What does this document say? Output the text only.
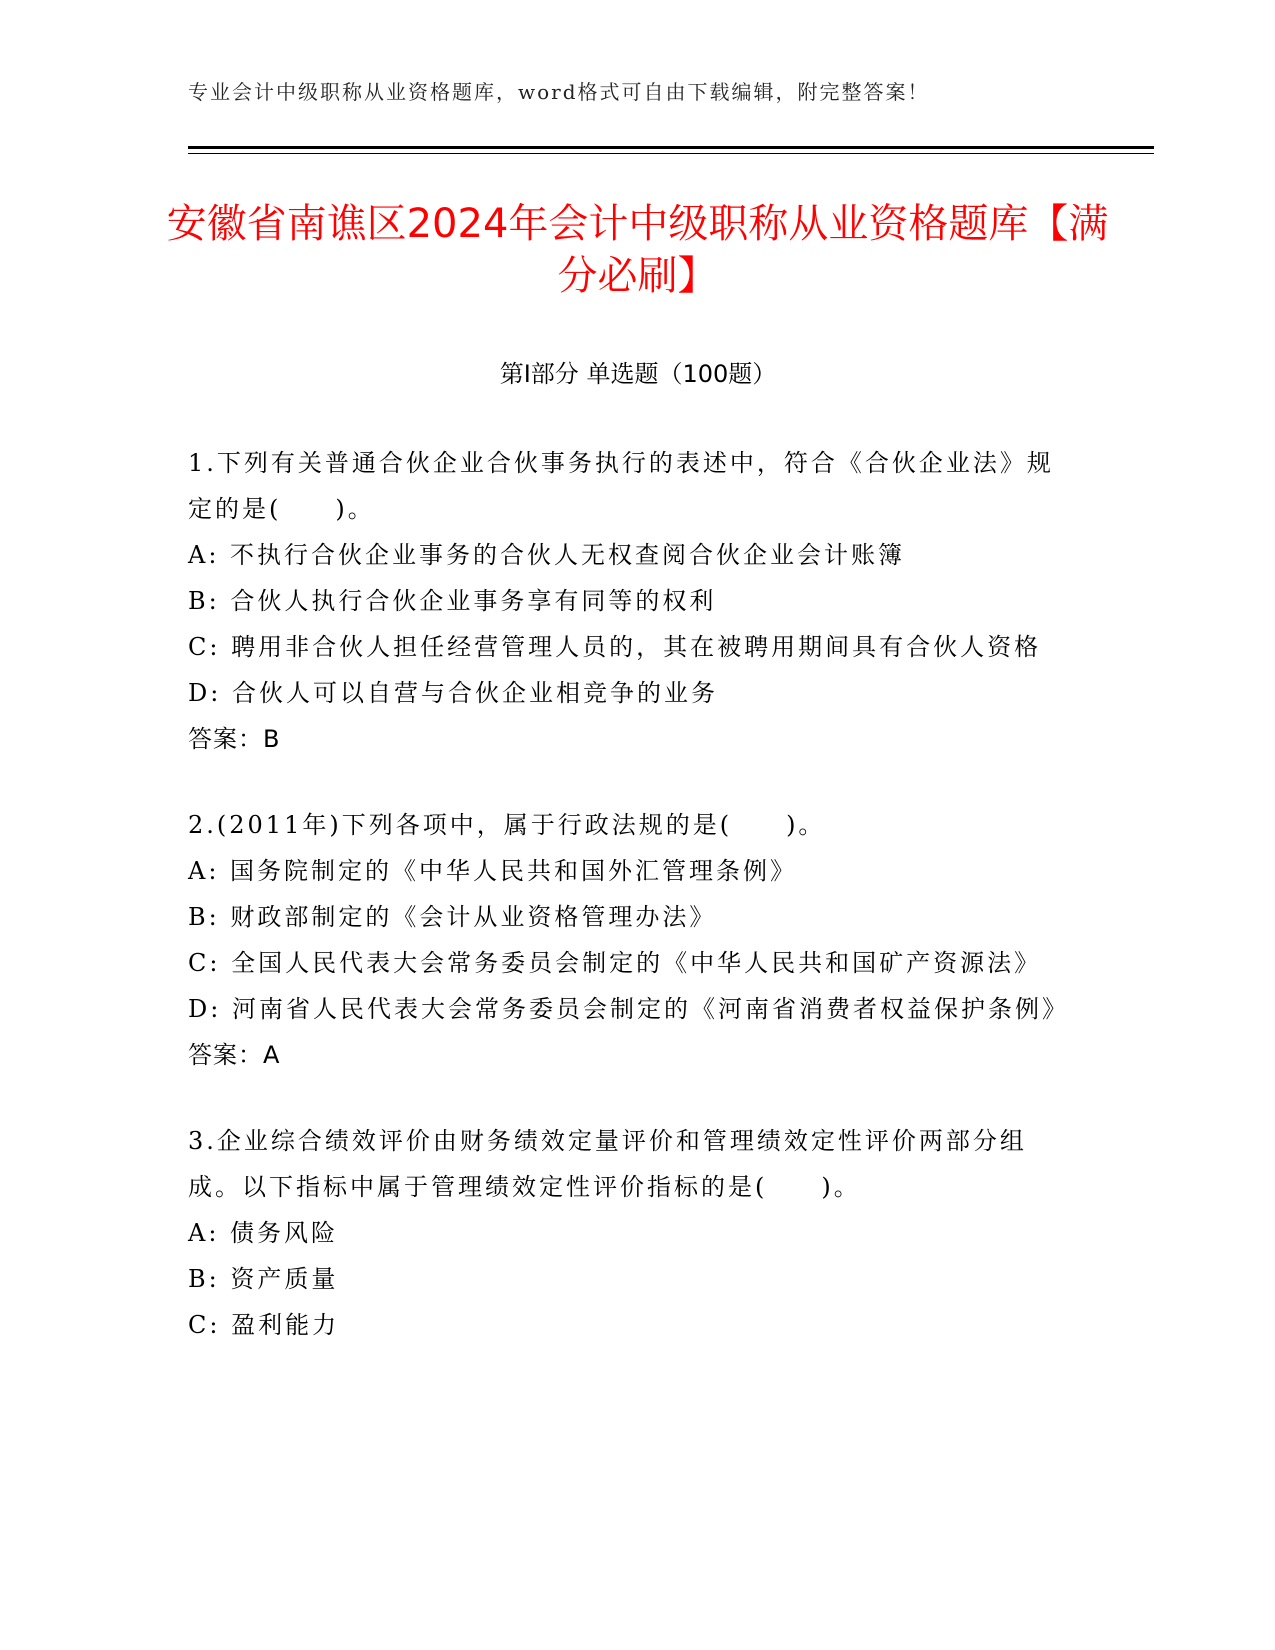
专业会计中级职称从业资格题库，word格式可自由下载编辑，附完整答案！
安徽省南谯区2024年会计中级职称从业资格题库【满分必刷】
第I部分 单选题（100题）

1.下列有关普通合伙企业合伙事务执行的表述中，符合《合伙企业法》规定的是(　　)。

A: 不执行合伙企业事务的合伙人无权查阅合伙企业会计账簿

B: 合伙人执行合伙企业事务享有同等的权利

C: 聘用非合伙人担任经营管理人员的，其在被聘用期间具有合伙人资格

D: 合伙人可以自营与合伙企业相竞争的业务

答案：B

2.(2011年)下列各项中，属于行政法规的是(　　)。

A: 国务院制定的《中华人民共和国外汇管理条例》

B: 财政部制定的《会计从业资格管理办法》

C: 全国人民代表大会常务委员会制定的《中华人民共和国矿产资源法》

D: 河南省人民代表大会常务委员会制定的《河南省消费者权益保护条例》

答案：A

3.企业综合绩效评价由财务绩效定量评价和管理绩效定性评价两部分组成。以下指标中属于管理绩效定性评价指标的是(　　)。

A: 债务风险

B: 资产质量

C: 盈利能力
